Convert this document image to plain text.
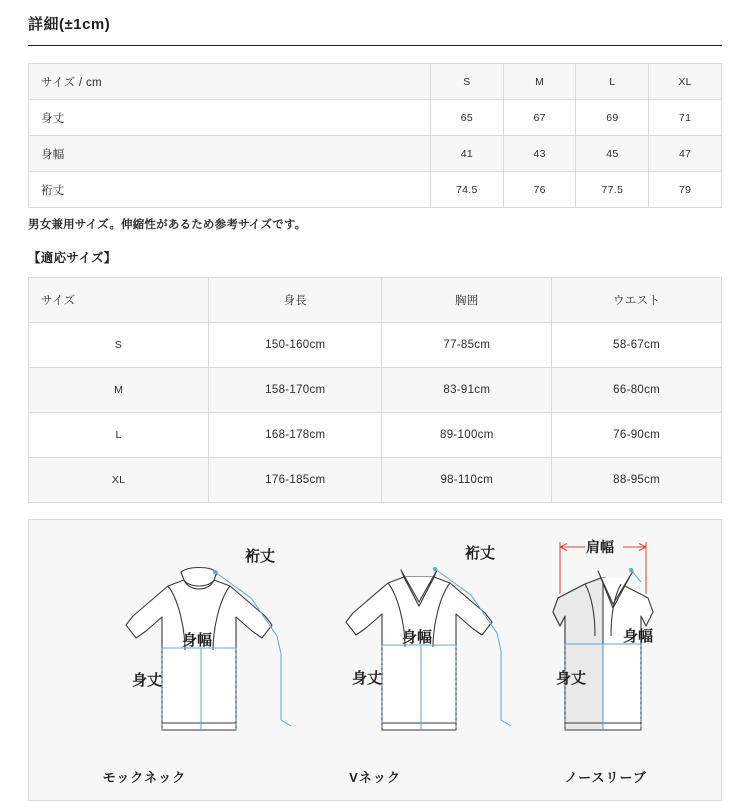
詳細(±1cm)
サイズ / cm	S	M	L	XL
身丈	65	67	69	71
身幅	41	43	45	47
裄丈	74.5	76	77.5	79
男女兼用サイズ。伸縮性があるため参考サイズです。
【適応サイズ】
サイズ	身長	胸囲	ウエスト
S	150-160cm	77-85cm	58-67cm
M	158-170cm	83-91cm	66-80cm
L	168-178cm	89-100cm	76-90cm
XL	176-185cm	98-110cm	88-95cm
裄丈
身幅
身丈
裄丈
身幅
身丈
肩幅
身幅
身丈
モックネック	Vネック	ノースリーブ
